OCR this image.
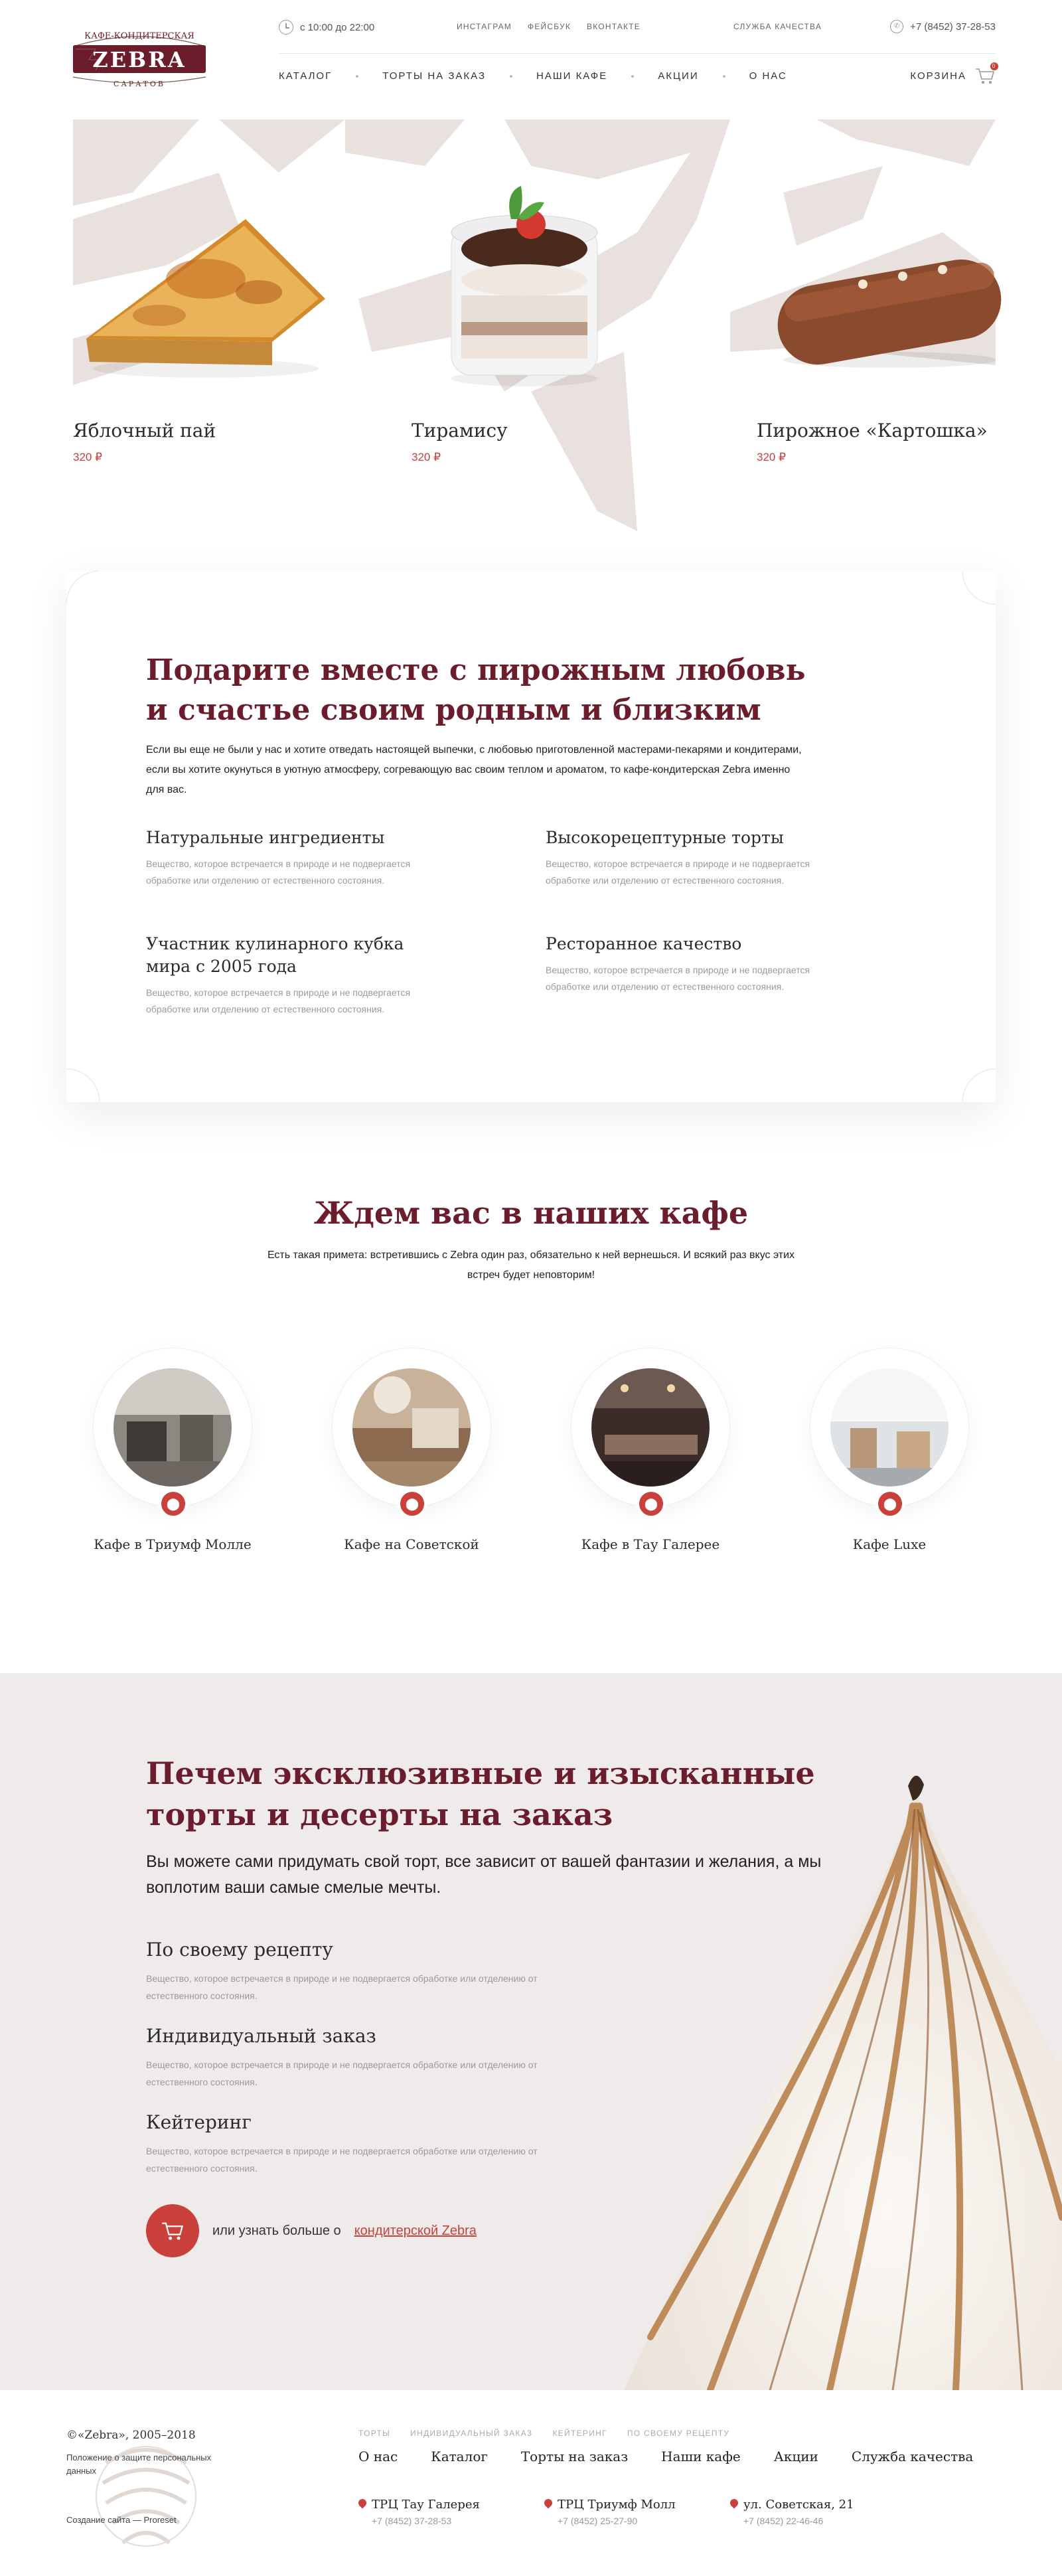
КАФЕ-КОНДИТЕРСКАЯ
ZЕBRA
САРАТОВ
с 10:00 до 22:00	ИНСТАГРАМ ФЕЙСБУК ВКОНТАКТЕ	СЛУЖБА КАЧЕСТВА	✆	+7 (8452) 37-28-53
КАТАЛОГ	ТОРТЫ НА ЗАКАЗ	НАШИ КАФЕ	АКЦИИ	О НАС	КОРЗИНА
0
Яблочный пай
320 ₽
Тирамису
320 ₽
Пирожное «Картошка»
320 ₽
Подарите вместе с пирожным любовь и счастье своим родным и близким

Если вы еще не были у нас и хотите отведать настоящей выпечки, с любовью приготовленной мастерами-пекарями и кондитерами, если вы хотите окунуться в уютную атмосферу, согревающую вас своим теплом и ароматом, то кафе-кондитерская Zebra именно для вас.

Натуральные ингредиенты
Вещество, которое встречается в природе и не подвергается обработке или отделению от естественного состояния.
Высокорецептурные торты
Вещество, которое встречается в природе и не подвергается обработке или отделению от естественного состояния.
Участник кулинарного кубка мира с 2005 года
Вещество, которое встречается в природе и не подвергается обработке или отделению от естественного состояния.
Ресторанное качество
Вещество, которое встречается в природе и не подвергается обработке или отделению от естественного состояния.
Ждем вас в наших кафе

Есть такая примета: встретившись с Zebra один раз, обязательно к ней вернешься. И всякий раз вкус этих встреч будет неповторим!

⬤
Кафе в Триумф Молле
⬤
Кафе на Советской
⬤
Кафе в Тау Галерее
⬤
Кафе Luxe
Печем эксклюзивные и изысканные торты и десерты на заказ

Вы можете сами придумать свой торт, все зависит от вашей фантазии и желания, а мы воплотим ваши самые смелые мечты.

По своему рецепту
Вещество, которое встречается в природе и не подвергается обработке или отделению от естественного состояния.
Индивидуальный заказ
Вещество, которое встречается в природе и не подвергается обработке или отделению от естественного состояния.
Кейтеринг
Вещество, которое встречается в природе и не подвергается обработке или отделению от естественного состояния.
или узнать больше о кондитерской Zebra
©«Zebra», 2005–2018
Положение о защите персональных данных
Создание сайта — Proreset
ТОРТЫ	ИНДИВИДУАЛЬНЫЙ ЗАКАЗ	КЕЙТЕРИНГ	ПО СВОЕМУ РЕЦЕПТУ
О нас	Каталог	Торты на заказ	Наши кафе	Акции	Служба качества
ТРЦ Тау Галерея
+7 (8452) 37-28-53
ТРЦ Триумф Молл
+7 (8452) 25-27-90
ул. Советская, 21
+7 (8452) 22-46-46
